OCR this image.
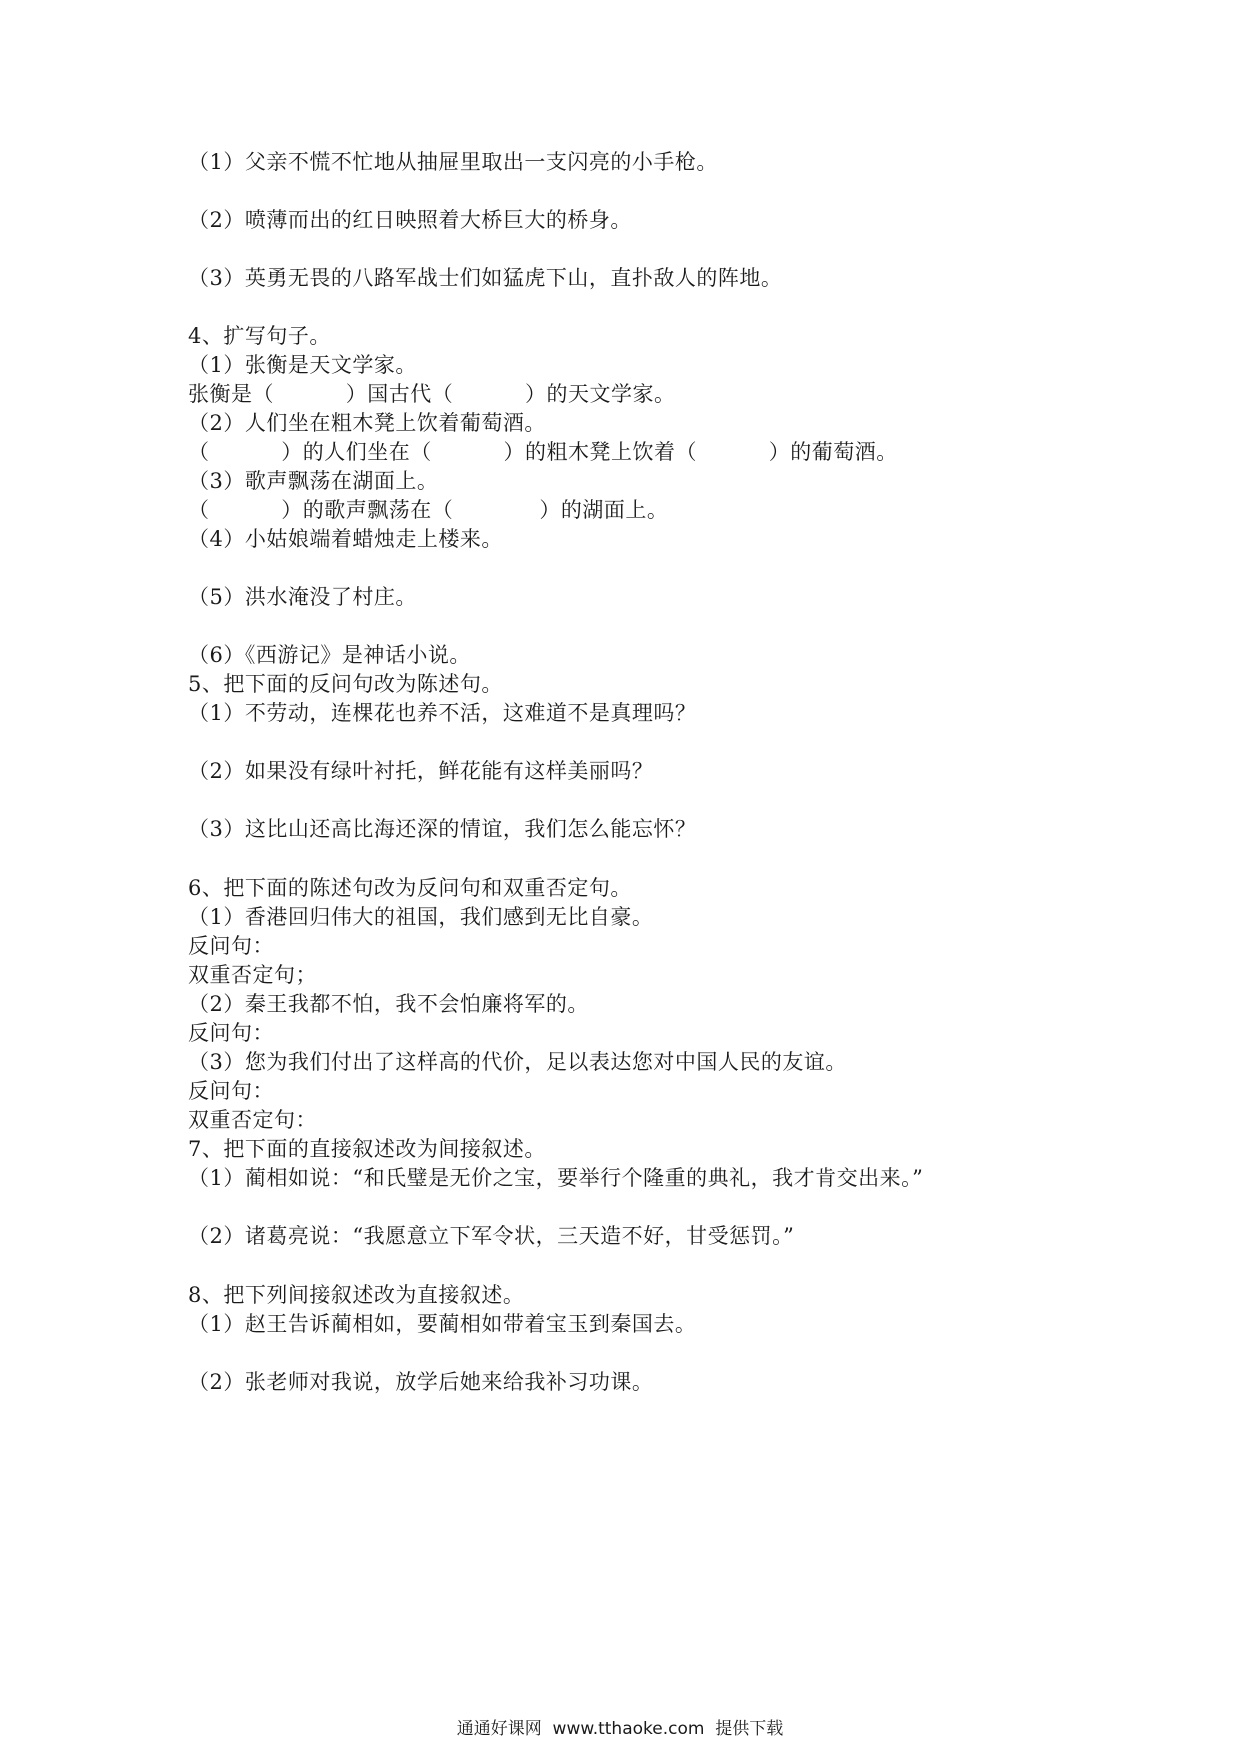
（1）父亲不慌不忙地从抽屉里取出一支闪亮的小手枪。
（2）喷薄而出的红日映照着大桥巨大的桥身。
（3）英勇无畏的八路军战士们如猛虎下山，直扑敌人的阵地。
4、扩写句子。
（1）张衡是天文学家。
张衡是（          ）国古代（          ）的天文学家。
（2）人们坐在粗木凳上饮着葡萄酒。
（          ）的人们坐在（          ）的粗木凳上饮着（          ）的葡萄酒。
（3）歌声飘荡在湖面上。
（          ）的歌声飘荡在（            ）的湖面上。
（4）小姑娘端着蜡烛走上楼来。
（5）洪水淹没了村庄。
（6）《西游记》是神话小说。
5、把下面的反问句改为陈述句。
（1）不劳动，连棵花也养不活，这难道不是真理吗？
（2）如果没有绿叶衬托，鲜花能有这样美丽吗？
（3）这比山还高比海还深的情谊，我们怎么能忘怀？
6、把下面的陈述句改为反问句和双重否定句。
（1）香港回归伟大的祖国，我们感到无比自豪。
反问句：
双重否定句；
（2）秦王我都不怕，我不会怕廉将军的。
反问句：
（3）您为我们付出了这样高的代价，足以表达您对中国人民的友谊。
反问句：
双重否定句：
7、把下面的直接叙述改为间接叙述。
（1）蔺相如说：“和氏璧是无价之宝，要举行个隆重的典礼，我才肯交出来。”
（2）诸葛亮说：“我愿意立下军令状，三天造不好，甘受惩罚。”
8、把下列间接叙述改为直接叙述。
（1）赵王告诉蔺相如，要蔺相如带着宝玉到秦国去。
（2）张老师对我说，放学后她来给我补习功课。
通通好课网  www.tthaoke.com  提供下载
